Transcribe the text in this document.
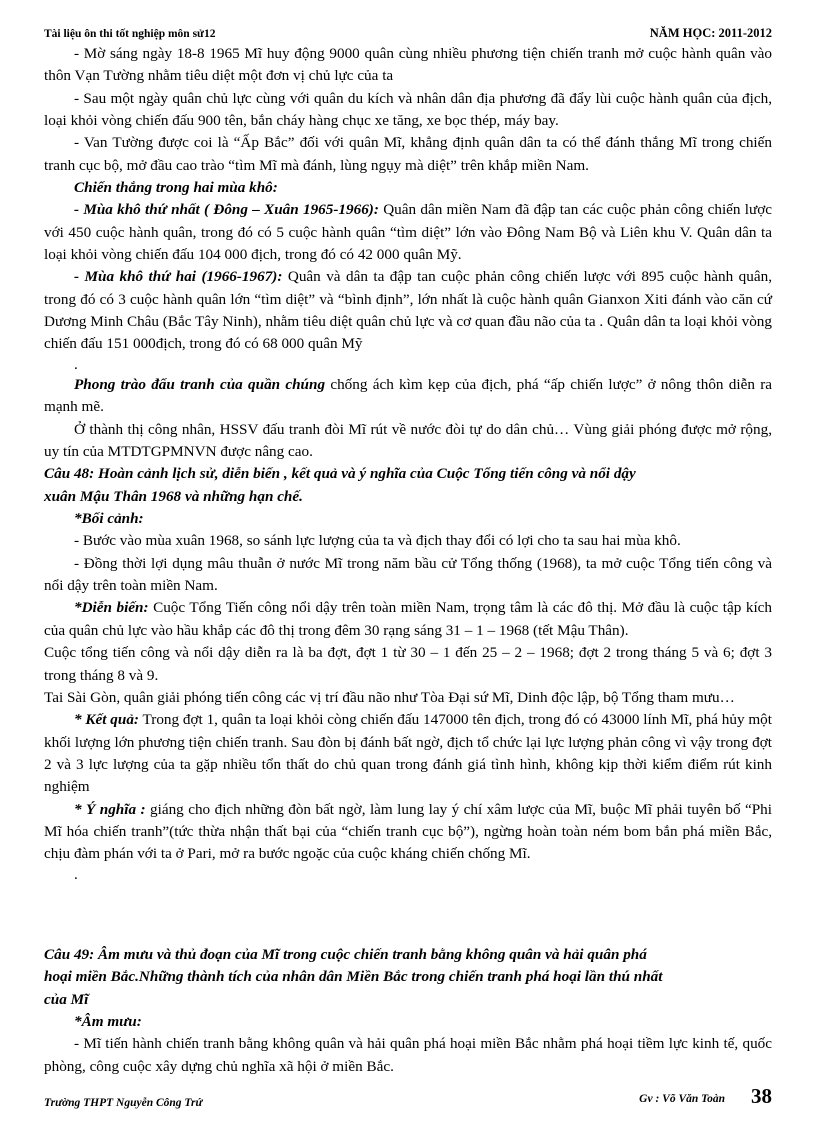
Tài liệu ôn thi tốt nghiệp môn sử12	NĂM HỌC: 2011-2012

- Mờ sáng ngày 18-8 1965 Mĩ huy động 9000 quân cùng nhiều phương tiện chiến tranh mở cuộc hành quân vào thôn Vạn Tường nhằm tiêu diệt một đơn vị chủ lực của ta

- Sau một ngày quân chủ lực cùng với quân du kích và nhân dân địa phương đã đẩy lùi cuộc hành quân của địch, loại khỏi vòng chiến đấu 900 tên, bắn cháy hàng chục xe tăng, xe bọc thép, máy bay.

- Van Tường được coi là “Ấp Bắc” đối với quân Mĩ, khẳng định quân dân ta có thể đánh thắng Mĩ trong chiến tranh cục bộ, mở đầu cao trào “tìm Mĩ mà đánh, lùng ngụy mà diệt” trên khắp miền Nam.

Chiến thắng trong hai mùa khô:

- Mùa khô thứ nhất ( Đông – Xuân 1965-1966): Quân dân miền Nam đã đập tan các cuộc phản công chiến lược với 450 cuộc hành quân, trong đó có 5 cuộc hành quân “tìm diệt” lớn vào Đông Nam Bộ và Liên khu V. Quân dân ta loại khỏi vòng chiến đấu 104 000 địch, trong đó có 42 000 quân Mỹ.

- Mùa khô thứ hai (1966-1967): Quân và dân ta đập tan cuộc phản công chiến lược với 895 cuộc hành quân, trong đó có 3 cuộc hành quân lớn “tìm diệt” và “bình định”, lớn nhất là cuộc hành quân Gianxon Xiti đánh vào căn cứ Dương Minh Châu (Bắc Tây Ninh), nhằm tiêu diệt quân chủ lực và cơ quan đầu não của ta . Quân dân ta loại khỏi vòng chiến đấu 151 000địch, trong đó có 68 000 quân Mỹ

.

Phong trào đấu tranh của quần chúng chống ách kìm kẹp của địch, phá “ấp chiến lược” ở nông thôn diễn ra mạnh mẽ.

Ở thành thị công nhân, HSSV đấu tranh đòi Mĩ rút về nước đòi tự do dân chủ… Vùng giải phóng được mở rộng, uy tín của MTDTGPMNVN được nâng cao.

Câu 48: Hoàn cảnh lịch sử, diễn biến , kết quả và ý nghĩa của Cuộc Tổng tiến công và nổi dậy

xuân Mậu Thân 1968 và những hạn chế.

*Bối cảnh:

- Bước vào mùa xuân 1968, so sánh lực lượng của ta và địch thay đổi có lợi cho ta sau hai mùa khô.

- Đồng thời lợi dụng mâu thuẫn ở nước Mĩ trong năm bầu cử Tổng thống (1968), ta mở cuộc Tổng tiến công và nổi dậy trên toàn miền Nam.

*Diễn biến: Cuộc Tổng Tiến công nổi dậy trên toàn miền Nam, trọng tâm là các đô thị. Mở đầu là cuộc tập kích của quân chủ lực vào hầu khắp các đô thị trong đêm 30 rạng sáng 31 – 1 – 1968 (tết Mậu Thân).

Cuộc tổng tiến công và nổi dậy diễn ra là ba đợt, đợt 1 từ 30 – 1 đến 25 – 2 – 1968; đợt 2 trong tháng 5 và 6; đợt 3 trong tháng 8 và 9.

Tai Sài Gòn, quân giải phóng tiến công các vị trí đầu não như Tòa Đại sứ Mĩ, Dinh độc lập, bộ Tổng tham mưu…

* Kết quả: Trong đợt 1, quân ta loại khỏi còng chiến đấu 147000 tên địch, trong đó có 43000 lính Mĩ, phá hủy một khối lượng lớn phương tiện chiến tranh. Sau đòn bị đánh bất ngờ, địch tổ chức lại lực lượng phản công vì vậy trong đợt 2 và 3 lực lượng của ta gặp nhiều tổn thất do chủ quan trong đánh giá tình hình, không kịp thời kiểm điểm rút kinh nghiệm

* Ý nghĩa : giáng cho địch những đòn bất ngờ, làm lung lay ý chí xâm lược của Mĩ, buộc Mĩ phải tuyên bố “Phi Mĩ hóa chiến tranh”(tức thừa nhận thất bại của “chiến tranh cục bộ”), ngừng hoàn toàn ném bom bắn phá miền Bắc, chịu đàm phán với ta ở Pari, mở ra bước ngoặc của cuộc kháng chiến chống Mĩ.

.

Câu 49: Âm mưu và thủ đoạn của Mĩ trong cuộc chiến tranh bằng không quân và hải quân phá

hoại miền Bắc.Những thành tích của nhân dân Miền Bắc trong chiến tranh phá hoại lần thú nhất

của Mĩ

*Âm mưu:

- Mĩ tiến hành chiến tranh bằng không quân và hải quân phá hoại miền Bắc nhằm phá hoại tiềm lực kinh tế, quốc phòng, công cuộc xây dựng chủ nghĩa xã hội ở miền Bắc.

Trường THPT Nguyễn Công Trứ	Gv : Võ Văn Toàn 38
